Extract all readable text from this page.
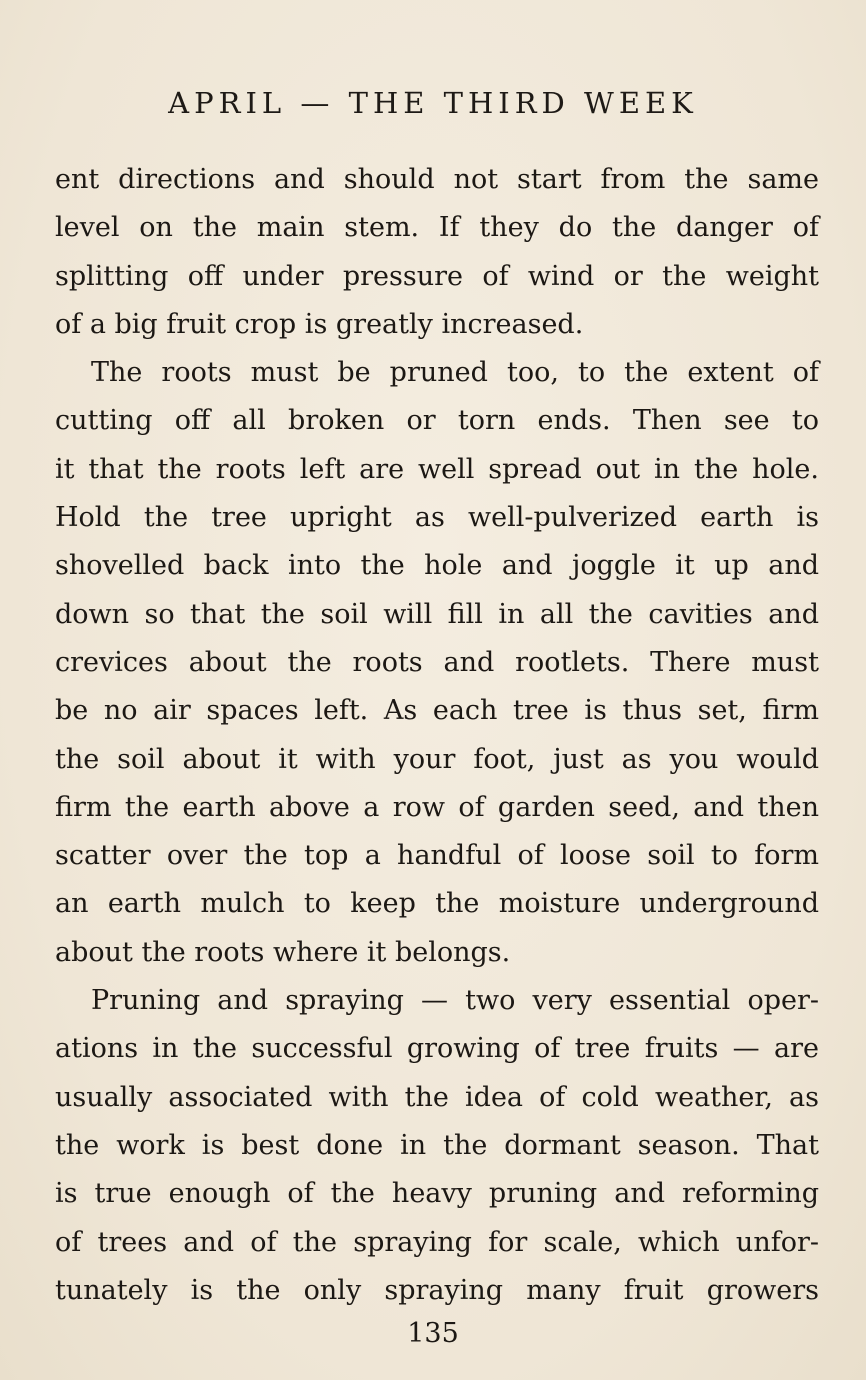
APRIL — THE THIRD WEEK
ent directions and should not start from the same
level on the main stem. If they do the danger of
splitting off under pressure of wind or the weight
of a big fruit crop is greatly increased.
The roots must be pruned too, to the extent of
cutting off all broken or torn ends. Then see to
it that the roots left are well spread out in the hole.
Hold the tree upright as well-pulverized earth is
shovelled back into the hole and joggle it up and
down so that the soil will fill in all the cavities and
crevices about the roots and rootlets. There must
be no air spaces left. As each tree is thus set, firm
the soil about it with your foot, just as you would
firm the earth above a row of garden seed, and then
scatter over the top a handful of loose soil to form
an earth mulch to keep the moisture underground
about the roots where it belongs.
Pruning and spraying — two very essential oper-
ations in the successful growing of tree fruits — are
usually associated with the idea of cold weather, as
the work is best done in the dormant season. That
is true enough of the heavy pruning and reforming
of trees and of the spraying for scale, which unfor-
tunately is the only spraying many fruit growers
135
